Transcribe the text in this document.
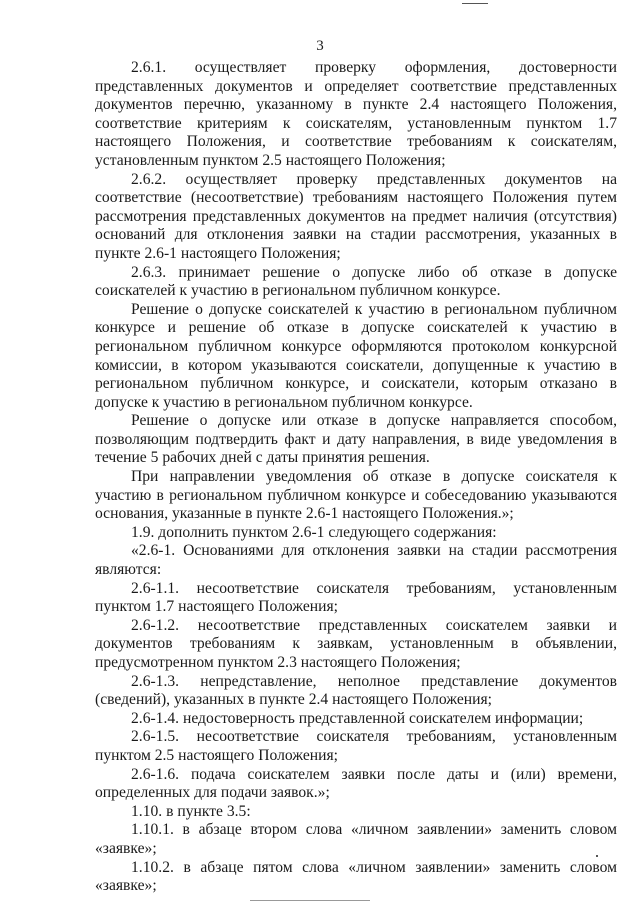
3

2.6.1. осуществляет проверку оформления, достоверности представленных документов и определяет соответствие представленных документов перечню, указанному в пункте 2.4 настоящего Положения, соответствие критериям к соискателям, установленным пунктом 1.7 настоящего Положения, и соответствие требованиям к соискателям, установленным пунктом 2.5 настоящего Положения;

2.6.2. осуществляет проверку представленных документов на соответствие (несоответствие) требованиям настоящего Положения путем рассмотрения представленных документов на предмет наличия (отсутствия) оснований для отклонения заявки на стадии рассмотрения, указанных в пункте 2.6-1 настоящего Положения;

2.6.3. принимает решение о допуске либо об отказе в допуске соискателей к участию в региональном публичном конкурсе.

Решение о допуске соискателей к участию в региональном публичном конкурсе и решение об отказе в допуске соискателей к участию в региональном публичном конкурсе оформляются протоколом конкурсной комиссии, в котором указываются соискатели, допущенные к участию в региональном публичном конкурсе, и соискатели, которым отказано в допуске к участию в региональном публичном конкурсе.

Решение о допуске или отказе в допуске направляется способом, позволяющим подтвердить факт и дату направления, в виде уведомления в течение 5 рабочих дней с даты принятия решения.

При направлении уведомления об отказе в допуске соискателя к участию в региональном публичном конкурсе и собеседованию указываются основания, указанные в пункте 2.6-1 настоящего Положения.»;

1.9. дополнить пунктом 2.6-1 следующего содержания:

«2.6-1. Основаниями для отклонения заявки на стадии рассмотрения являются:

2.6-1.1. несоответствие соискателя требованиям, установленным пунктом 1.7 настоящего Положения;

2.6-1.2. несоответствие представленных соискателем заявки и документов требованиям к заявкам, установленным в объявлении, предусмотренном пунктом 2.3 настоящего Положения;

2.6-1.3. непредставление, неполное представление документов (сведений), указанных в пункте 2.4 настоящего Положения;

2.6-1.4. недостоверность представленной соискателем информации;

2.6-1.5. несоответствие соискателя требованиям, установленным пунктом 2.5 настоящего Положения;

2.6-1.6. подача соискателем заявки после даты и (или) времени, определенных для подачи заявок.»;

1.10. в пункте 3.5:

1.10.1. в абзаце втором слова «личном заявлении» заменить словом «заявке»;

1.10.2. в абзаце пятом слова «личном заявлении» заменить словом «заявке»;
